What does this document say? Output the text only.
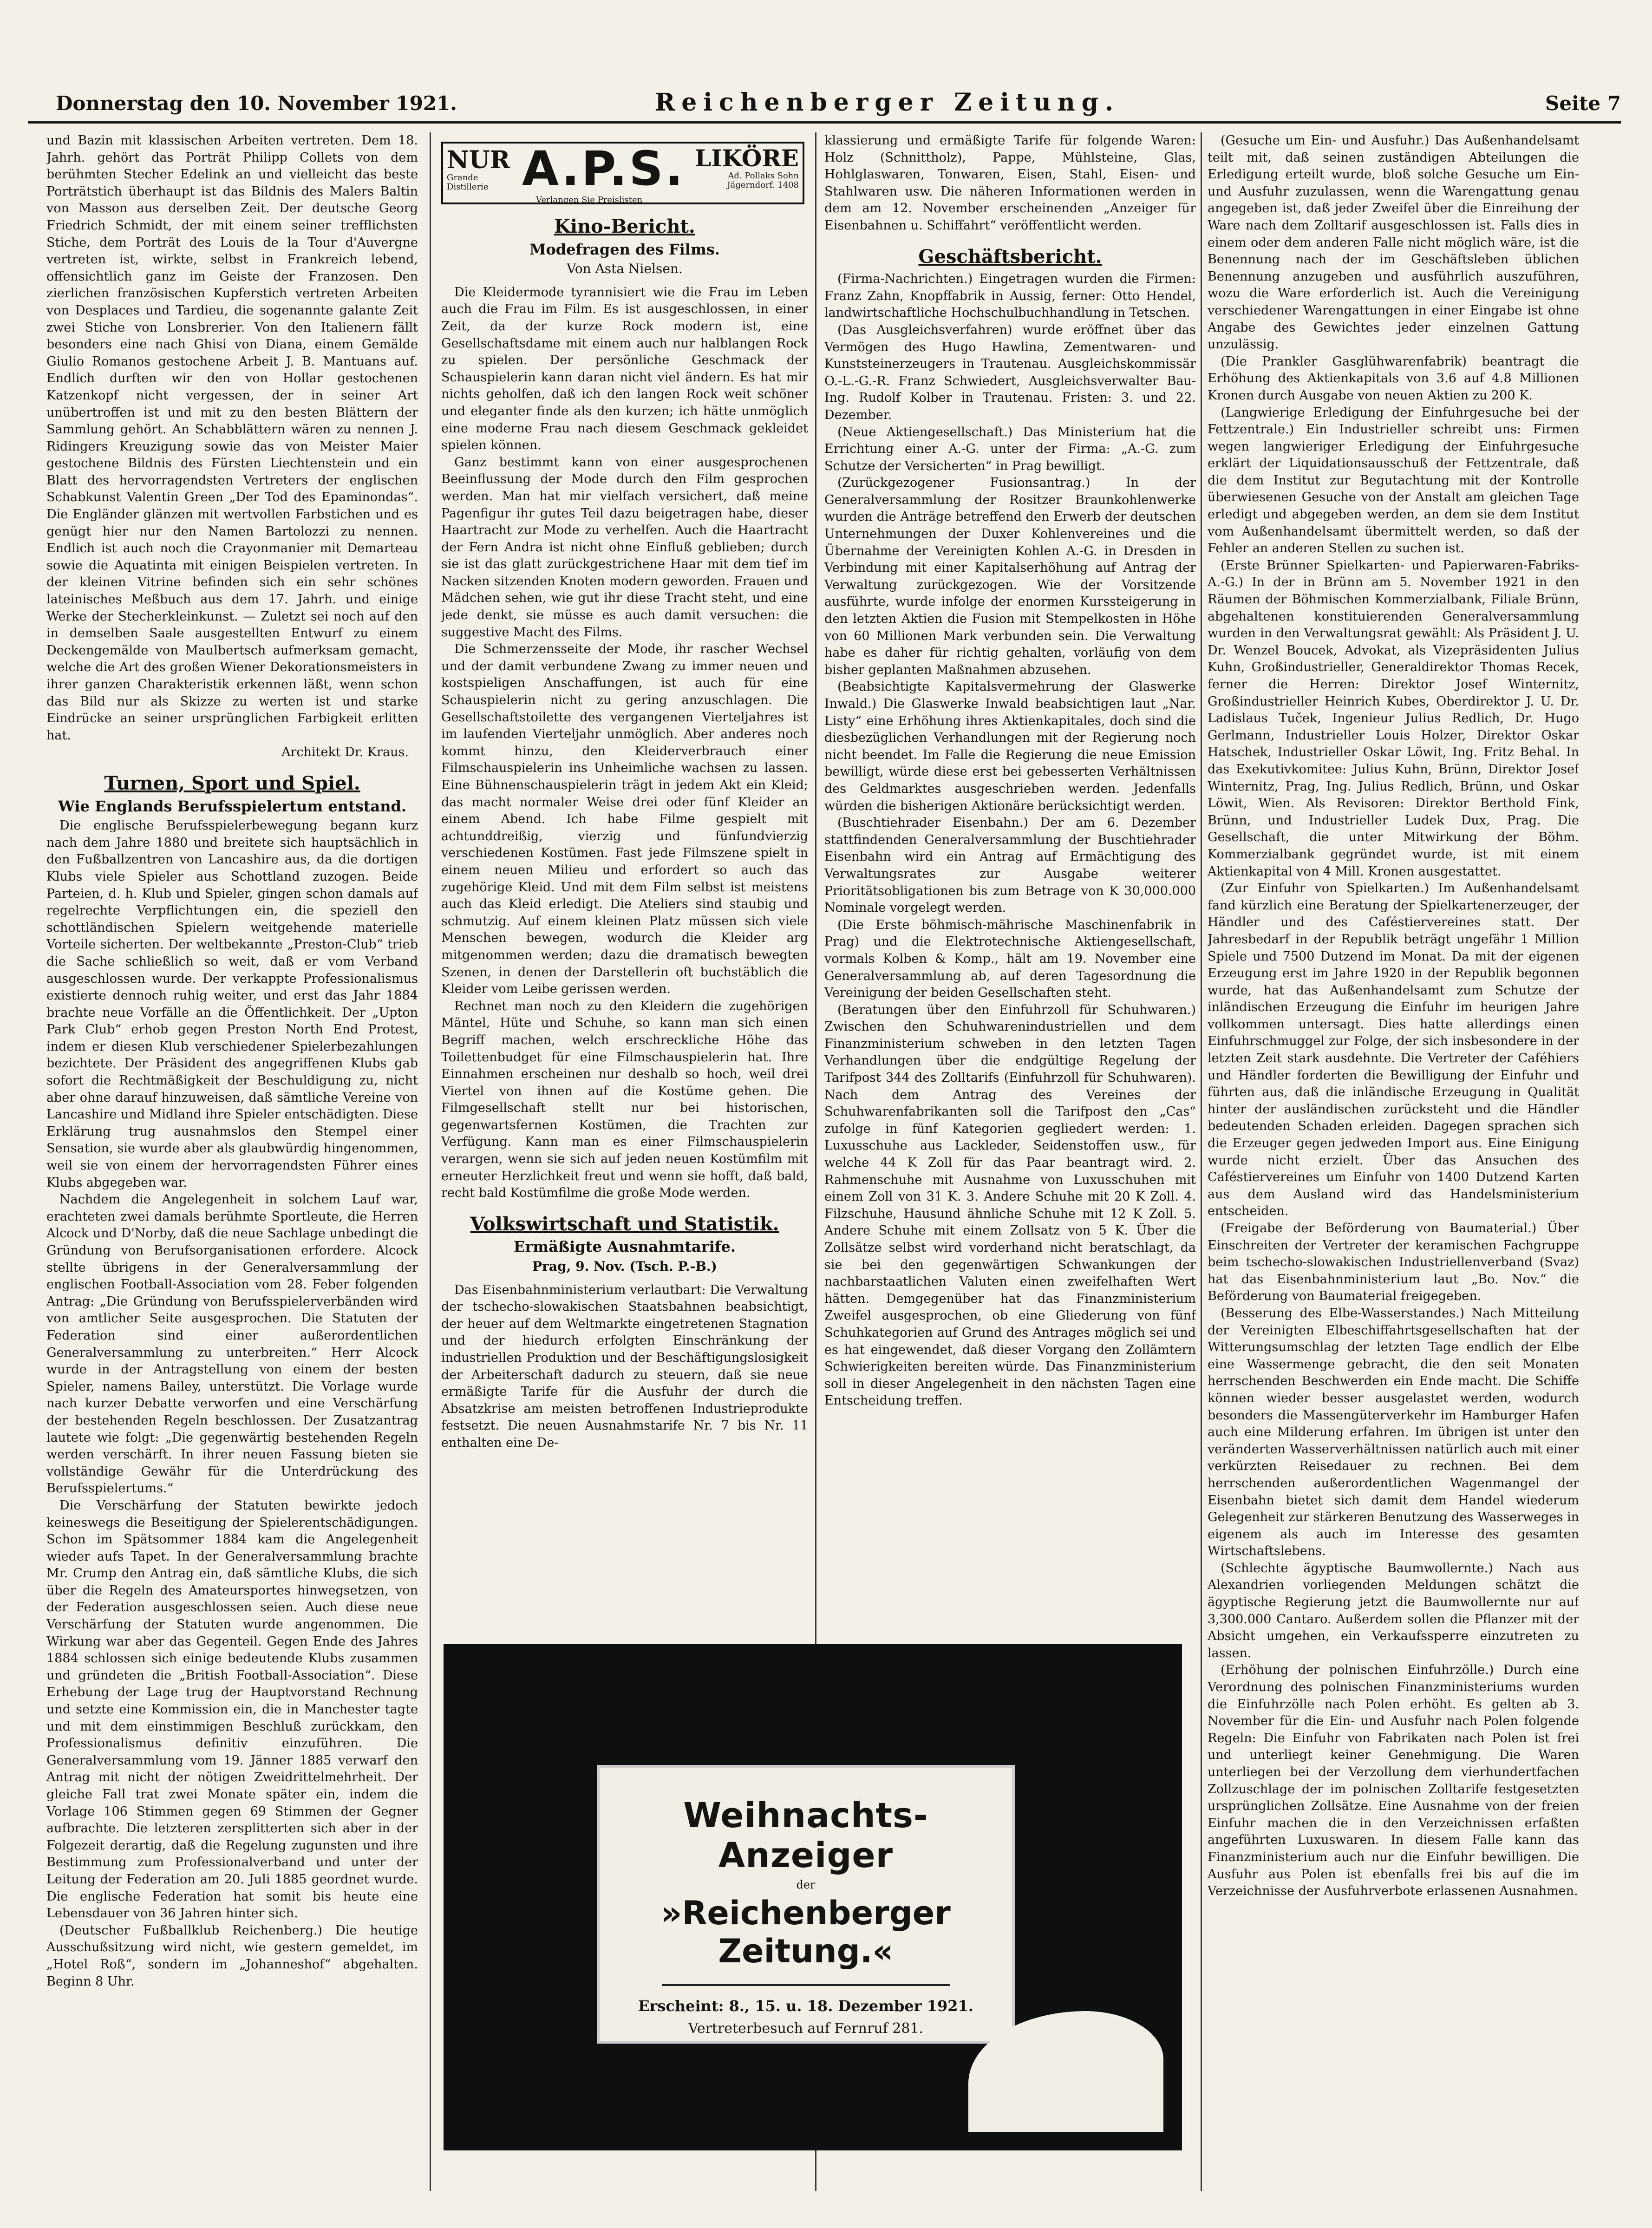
Donnerstag den 10. November 1921.	Reichenberger Zeitung.	Seite 7

und Bazin mit klassischen Arbeiten vertreten. Dem 18. Jahrh. gehört das Porträt Philipp Collets von dem berühmten Stecher Edelink an und vielleicht das beste Porträtstich überhaupt ist das Bildnis des Malers Baltin von Masson aus derselben Zeit. Der deutsche Georg Friedrich Schmidt, der mit einem seiner trefflichsten Stiche, dem Porträt des Louis de la Tour d'Auvergne vertreten ist, wirkte, selbst in Frankreich lebend, offensichtlich ganz im Geiste der Franzosen. Den zierlichen französischen Kupferstich vertreten Arbeiten von Desplaces und Tardieu, die sogenannte galante Zeit zwei Stiche von Lonsbrerier. Von den Italienern fällt besonders eine nach Ghisi von Diana, einem Gemälde Giulio Romanos gestochene Arbeit J. B. Mantuans auf. Endlich durften wir den von Hollar gestochenen Katzenkopf nicht vergessen, der in seiner Art unübertroffen ist und mit zu den besten Blättern der Sammlung gehört. An Schabblättern wären zu nennen J. Ridingers Kreuzigung sowie das von Meister Maier gestochene Bildnis des Fürsten Liechtenstein und ein Blatt des hervorragendsten Vertreters der englischen Schabkunst Valentin Green „Der Tod des Epaminondas“. Die Engländer glänzen mit wertvollen Farbstichen und es genügt hier nur den Namen Bartolozzi zu nennen. Endlich ist auch noch die Crayonmanier mit Demarteau sowie die Aquatinta mit einigen Beispielen vertreten. In der kleinen Vitrine befinden sich ein sehr schönes lateinisches Meßbuch aus dem 17. Jahrh. und einige Werke der Stecherkleinkunst. — Zuletzt sei noch auf den in demselben Saale ausgestellten Entwurf zu einem Deckengemälde von Maulbertsch aufmerksam gemacht, welche die Art des großen Wiener Dekorationsmeisters in ihrer ganzen Charakteristik erkennen läßt, wenn schon das Bild nur als Skizze zu werten ist und starke Eindrücke an seiner ursprünglichen Farbigkeit erlitten hat.

Architekt Dr. Kraus.
Turnen, Sport und Spiel.
Wie Englands Berufsspielertum entstand.

Die englische Berufsspielerbewegung begann kurz nach dem Jahre 1880 und breitete sich hauptsächlich in den Fußballzentren von Lancashire aus, da die dortigen Klubs viele Spieler aus Schottland zuzogen. Beide Parteien, d. h. Klub und Spieler, gingen schon damals auf regelrechte Verpflichtungen ein, die speziell den schottländischen Spielern weitgehende materielle Vorteile sicherten. Der weltbekannte „Preston-Club“ trieb die Sache schließlich so weit, daß er vom Verband ausgeschlossen wurde. Der verkappte Professionalismus existierte dennoch ruhig weiter, und erst das Jahr 1884 brachte neue Vorfälle an die Öffentlichkeit. Der „Upton Park Club“ erhob gegen Preston North End Protest, indem er diesen Klub verschiedener Spielerbezahlungen bezichtete. Der Präsident des angegriffenen Klubs gab sofort die Rechtmäßigkeit der Beschuldigung zu, nicht aber ohne darauf hinzuweisen, daß sämtliche Vereine von Lancashire und Midland ihre Spieler entschädigten. Diese Erklärung trug ausnahmslos den Stempel einer Sensation, sie wurde aber als glaubwürdig hingenommen, weil sie von einem der hervorragendsten Führer eines Klubs abgegeben war.

Nachdem die Angelegenheit in solchem Lauf war, erachteten zwei damals berühmte Sportleute, die Herren Alcock und D'Norby, daß die neue Sachlage unbedingt die Gründung von Berufsorganisationen erfordere. Alcock stellte übrigens in der Generalversammlung der englischen Football-Association vom 28. Feber folgenden Antrag: „Die Gründung von Berufsspielerverbänden wird von amtlicher Seite ausgesprochen. Die Statuten der Federation sind einer außerordentlichen Generalversammlung zu unterbreiten.“ Herr Alcock wurde in der Antragstellung von einem der besten Spieler, namens Bailey, unterstützt. Die Vorlage wurde nach kurzer Debatte verworfen und eine Verschärfung der bestehenden Regeln beschlossen. Der Zusatzantrag lautete wie folgt: „Die gegenwärtig bestehenden Regeln werden verschärft. In ihrer neuen Fassung bieten sie vollständige Gewähr für die Unterdrückung des Berufsspielertums.“

Die Verschärfung der Statuten bewirkte jedoch keineswegs die Beseitigung der Spielerentschädigungen. Schon im Spätsommer 1884 kam die Angelegenheit wieder aufs Tapet. In der Generalversammlung brachte Mr. Crump den Antrag ein, daß sämtliche Klubs, die sich über die Regeln des Amateursportes hinwegsetzen, von der Federation ausgeschlossen seien. Auch diese neue Verschärfung der Statuten wurde angenommen. Die Wirkung war aber das Gegenteil. Gegen Ende des Jahres 1884 schlossen sich einige bedeutende Klubs zusammen und gründeten die „British Football-Association“. Diese Erhebung der Lage trug der Hauptvorstand Rechnung und setzte eine Kommission ein, die in Manchester tagte und mit dem einstimmigen Beschluß zurückkam, den Professionalismus definitiv einzuführen. Die Generalversammlung vom 19. Jänner 1885 verwarf den Antrag mit nicht der nötigen Zweidrittelmehrheit. Der gleiche Fall trat zwei Monate später ein, indem die Vorlage 106 Stimmen gegen 69 Stimmen der Gegner aufbrachte. Die letzteren zersplitterten sich aber in der Folgezeit derartig, daß die Regelung zugunsten und ihre Bestimmung zum Professionalverband und unter der Leitung der Federation am 20. Juli 1885 geordnet wurde. Die englische Federation hat somit bis heute eine Lebensdauer von 36 Jahren hinter sich.

(Deutscher Fußballklub Reichenberg.) Die heutige Ausschußsitzung wird nicht, wie gestern gemeldet, im „Hotel Roß“, sondern im „Johanneshof“ abgehalten. Beginn 8 Uhr.

NUR
Grande Distillerie A.P.S.
Verlangen Sie Preislisten
LIKÖRE
Ad. Pollaks Sohn Jägerndorf. 1408
Kino-Bericht.
Modefragen des Films.
Von Asta Nielsen.

Die Kleidermode tyrannisiert wie die Frau im Leben auch die Frau im Film. Es ist ausgeschlossen, in einer Zeit, da der kurze Rock modern ist, eine Gesellschaftsdame mit einem auch nur halblangen Rock zu spielen. Der persönliche Geschmack der Schauspielerin kann daran nicht viel ändern. Es hat mir nichts geholfen, daß ich den langen Rock weit schöner und eleganter finde als den kurzen; ich hätte unmöglich eine moderne Frau nach diesem Geschmack gekleidet spielen können.

Ganz bestimmt kann von einer ausgesprochenen Beeinflussung der Mode durch den Film gesprochen werden. Man hat mir vielfach versichert, daß meine Pagenfigur ihr gutes Teil dazu beigetragen habe, dieser Haartracht zur Mode zu verhelfen. Auch die Haartracht der Fern Andra ist nicht ohne Einfluß geblieben; durch sie ist das glatt zurückgestrichene Haar mit dem tief im Nacken sitzenden Knoten modern geworden. Frauen und Mädchen sehen, wie gut ihr diese Tracht steht, und eine jede denkt, sie müsse es auch damit versuchen: die suggestive Macht des Films.

Die Schmerzensseite der Mode, ihr rascher Wechsel und der damit verbundene Zwang zu immer neuen und kostspieligen Anschaffungen, ist auch für eine Schauspielerin nicht zu gering anzuschlagen. Die Gesellschaftstoilette des vergangenen Vierteljahres ist im laufenden Vierteljahr unmöglich. Aber anderes noch kommt hinzu, den Kleiderverbrauch einer Filmschauspielerin ins Unheimliche wachsen zu lassen. Eine Bühnenschauspielerin trägt in jedem Akt ein Kleid; das macht normaler Weise drei oder fünf Kleider an einem Abend. Ich habe Filme gespielt mit achtunddreißig, vierzig und fünfundvierzig verschiedenen Kostümen. Fast jede Filmszene spielt in einem neuen Milieu und erfordert so auch das zugehörige Kleid. Und mit dem Film selbst ist meistens auch das Kleid erledigt. Die Ateliers sind staubig und schmutzig. Auf einem kleinen Platz müssen sich viele Menschen bewegen, wodurch die Kleider arg mitgenommen werden; dazu die dramatisch bewegten Szenen, in denen der Darstellerin oft buchstäblich die Kleider vom Leibe gerissen werden.

Rechnet man noch zu den Kleidern die zugehörigen Mäntel, Hüte und Schuhe, so kann man sich einen Begriff machen, welch erschreckliche Höhe das Toilettenbudget für eine Filmschauspielerin hat. Ihre Einnahmen erscheinen nur deshalb so hoch, weil drei Viertel von ihnen auf die Kostüme gehen. Die Filmgesellschaft stellt nur bei historischen, gegenwartsfernen Kostümen, die Trachten zur Verfügung. Kann man es einer Filmschauspielerin verargen, wenn sie sich auf jeden neuen Kostümfilm mit erneuter Herzlichkeit freut und wenn sie hofft, daß bald, recht bald Kostümfilme die große Mode werden.

Volkswirtschaft und Statistik.
Ermäßigte Ausnahmtarife.
Prag, 9. Nov. (Tsch. P.-B.)

Das Eisenbahnministerium verlautbart: Die Verwaltung der tschecho-slowakischen Staatsbahnen beabsichtigt, der heuer auf dem Weltmarkte eingetretenen Stagnation und der hiedurch erfolgten Einschränkung der industriellen Produktion und der Beschäftigungslosigkeit der Arbeiterschaft dadurch zu steuern, daß sie neue ermäßigte Tarife für die Ausfuhr der durch die Absatzkrise am meisten betroffenen Industrieprodukte festsetzt. Die neuen Ausnahmstarife Nr. 7 bis Nr. 11 enthalten eine De-

klassierung und ermäßigte Tarife für folgende Waren: Holz (Schnittholz), Pappe, Mühlsteine, Glas, Hohlglaswaren, Tonwaren, Eisen, Stahl, Eisen- und Stahlwaren usw. Die näheren Informationen werden in dem am 12. November erscheinenden „Anzeiger für Eisenbahnen u. Schiffahrt“ veröffentlicht werden.

Geschäftsbericht.

(Firma-Nachrichten.) Eingetragen wurden die Firmen: Franz Zahn, Knopffabrik in Aussig, ferner: Otto Hendel, landwirtschaftliche Hochschulbuchhandlung in Tetschen.

(Das Ausgleichsverfahren) wurde eröffnet über das Vermögen des Hugo Hawlina, Zementwaren- und Kunststeinerzeugers in Trautenau. Ausgleichskommissär O.-L.-G.-R. Franz Schwiedert, Ausgleichsverwalter Bau-Ing. Rudolf Kolber in Trautenau. Fristen: 3. und 22. Dezember.

(Neue Aktiengesellschaft.) Das Ministerium hat die Errichtung einer A.-G. unter der Firma: „A.-G. zum Schutze der Versicherten“ in Prag bewilligt.

(Zurückgezogener Fusionsantrag.) In der Generalversammlung der Rositzer Braunkohlenwerke wurden die Anträge betreffend den Erwerb der deutschen Unternehmungen der Duxer Kohlenvereines und die Übernahme der Vereinigten Kohlen A.-G. in Dresden in Verbindung mit einer Kapitalserhöhung auf Antrag der Verwaltung zurückgezogen. Wie der Vorsitzende ausführte, wurde infolge der enormen Kurssteigerung in den letzten Aktien die Fusion mit Stempelkosten in Höhe von 60 Millionen Mark verbunden sein. Die Verwaltung habe es daher für richtig gehalten, vorläufig von dem bisher geplanten Maßnahmen abzusehen.

(Beabsichtigte Kapitalsvermehrung der Glaswerke Inwald.) Die Glaswerke Inwald beabsichtigen laut „Nar. Listy“ eine Erhöhung ihres Aktienkapitales, doch sind die diesbezüglichen Verhandlungen mit der Regierung noch nicht beendet. Im Falle die Regierung die neue Emission bewilligt, würde diese erst bei gebesserten Verhältnissen des Geldmarktes ausgeschrieben werden. Jedenfalls würden die bisherigen Aktionäre berücksichtigt werden.

(Buschtiehrader Eisenbahn.) Der am 6. Dezember stattfindenden Generalversammlung der Buschtiehrader Eisenbahn wird ein Antrag auf Ermächtigung des Verwaltungsrates zur Ausgabe weiterer Prioritätsobligationen bis zum Betrage von K 30,000.000 Nominale vorgelegt werden.

(Die Erste böhmisch-mährische Maschinenfabrik in Prag) und die Elektrotechnische Aktiengesellschaft, vormals Kolben & Komp., hält am 19. November eine Generalversammlung ab, auf deren Tagesordnung die Vereinigung der beiden Gesellschaften steht.

(Beratungen über den Einfuhrzoll für Schuhwaren.) Zwischen den Schuhwarenindustriellen und dem Finanzministerium schweben in den letzten Tagen Verhandlungen über die endgültige Regelung der Tarifpost 344 des Zolltarifs (Einfuhrzoll für Schuhwaren). Nach dem Antrag des Vereines der Schuhwarenfabrikanten soll die Tarifpost den „Cas“ zufolge in fünf Kategorien gegliedert werden: 1. Luxusschuhe aus Lackleder, Seidenstoffen usw., für welche 44 K Zoll für das Paar beantragt wird. 2. Rahmenschuhe mit Ausnahme von Luxusschuhen mit einem Zoll von 31 K. 3. Andere Schuhe mit 20 K Zoll. 4. Filzschuhe, Hausund ähnliche Schuhe mit 12 K Zoll. 5. Andere Schuhe mit einem Zollsatz von 5 K. Über die Zollsätze selbst wird vorderhand nicht beratschlagt, da sie bei den gegenwärtigen Schwankungen der nachbarstaatlichen Valuten einen zweifelhaften Wert hätten. Demgegenüber hat das Finanzministerium Zweifel ausgesprochen, ob eine Gliederung von fünf Schuhkategorien auf Grund des Antrages möglich sei und es hat eingewendet, daß dieser Vorgang den Zollämtern Schwierigkeiten bereiten würde. Das Finanzministerium soll in dieser Angelegenheit in den nächsten Tagen eine Entscheidung treffen.

(Gesuche um Ein- und Ausfuhr.) Das Außenhandelsamt teilt mit, daß seinen zuständigen Abteilungen die Erledigung erteilt wurde, bloß solche Gesuche um Ein- und Ausfuhr zuzulassen, wenn die Warengattung genau angegeben ist, daß jeder Zweifel über die Einreihung der Ware nach dem Zolltarif ausgeschlossen ist. Falls dies in einem oder dem anderen Falle nicht möglich wäre, ist die Benennung nach der im Geschäftsleben üblichen Benennung anzugeben und ausführlich auszuführen, wozu die Ware erforderlich ist. Auch die Vereinigung verschiedener Warengattungen in einer Eingabe ist ohne Angabe des Gewichtes jeder einzelnen Gattung unzulässig.

(Die Prankler Gasglühwarenfabrik) beantragt die Erhöhung des Aktienkapitals von 3.6 auf 4.8 Millionen Kronen durch Ausgabe von neuen Aktien zu 200 K.

(Langwierige Erledigung der Einfuhrgesuche bei der Fettzentrale.) Ein Industrieller schreibt uns: Firmen wegen langwieriger Erledigung der Einfuhrgesuche erklärt der Liquidationsausschuß der Fettzentrale, daß die dem Institut zur Begutachtung mit der Kontrolle überwiesenen Gesuche von der Anstalt am gleichen Tage erledigt und abgegeben werden, an dem sie dem Institut vom Außenhandelsamt übermittelt werden, so daß der Fehler an anderen Stellen zu suchen ist.

(Erste Brünner Spielkarten- und Papierwaren-Fabriks-A.-G.) In der in Brünn am 5. November 1921 in den Räumen der Böhmischen Kommerzialbank, Filiale Brünn, abgehaltenen konstituierenden Generalversammlung wurden in den Verwaltungsrat gewählt: Als Präsident J. U. Dr. Wenzel Boucek, Advokat, als Vizepräsidenten Julius Kuhn, Großindustrieller, Generaldirektor Thomas Recek, ferner die Herren: Direktor Josef Winternitz, Großindustrieller Heinrich Kubes, Oberdirektor J. U. Dr. Ladislaus Tuček, Ingenieur Julius Redlich, Dr. Hugo Gerlmann, Industrieller Louis Holzer, Direktor Oskar Hatschek, Industrieller Oskar Löwit, Ing. Fritz Behal. In das Exekutivkomitee: Julius Kuhn, Brünn, Direktor Josef Winternitz, Prag, Ing. Julius Redlich, Brünn, und Oskar Löwit, Wien. Als Revisoren: Direktor Berthold Fink, Brünn, und Industrieller Ludek Dux, Prag. Die Gesellschaft, die unter Mitwirkung der Böhm. Kommerzialbank gegründet wurde, ist mit einem Aktienkapital von 4 Mill. Kronen ausgestattet.

(Zur Einfuhr von Spielkarten.) Im Außenhandelsamt fand kürzlich eine Beratung der Spielkartenerzeuger, der Händler und des Caféstiervereines statt. Der Jahresbedarf in der Republik beträgt ungefähr 1 Million Spiele und 7500 Dutzend im Monat. Da mit der eigenen Erzeugung erst im Jahre 1920 in der Republik begonnen wurde, hat das Außenhandelsamt zum Schutze der inländischen Erzeugung die Einfuhr im heurigen Jahre vollkommen untersagt. Dies hatte allerdings einen Einfuhrschmuggel zur Folge, der sich insbesondere in der letzten Zeit stark ausdehnte. Die Vertreter der Caféhiers und Händler forderten die Bewilligung der Einfuhr und führten aus, daß die inländische Erzeugung in Qualität hinter der ausländischen zurücksteht und die Händler bedeutenden Schaden erleiden. Dagegen sprachen sich die Erzeuger gegen jedweden Import aus. Eine Einigung wurde nicht erzielt. Über das Ansuchen des Caféstiervereines um Einfuhr von 1400 Dutzend Karten aus dem Ausland wird das Handelsministerium entscheiden.

(Freigabe der Beförderung von Baumaterial.) Über Einschreiten der Vertreter der keramischen Fachgruppe beim tschecho-slowakischen Industriellenverband (Svaz) hat das Eisenbahnministerium laut „Bo. Nov.“ die Beförderung von Baumaterial freigegeben.

(Besserung des Elbe-Wasserstandes.) Nach Mitteilung der Vereinigten Elbeschiffahrtsgesellschaften hat der Witterungsumschlag der letzten Tage endlich der Elbe eine Wassermenge gebracht, die den seit Monaten herrschenden Beschwerden ein Ende macht. Die Schiffe können wieder besser ausgelastet werden, wodurch besonders die Massengüterverkehr im Hamburger Hafen auch eine Milderung erfahren. Im übrigen ist unter den veränderten Wasserverhältnissen natürlich auch mit einer verkürzten Reisedauer zu rechnen. Bei dem herrschenden außerordentlichen Wagenmangel der Eisenbahn bietet sich damit dem Handel wiederum Gelegenheit zur stärkeren Benutzung des Wasserweges in eigenem als auch im Interesse des gesamten Wirtschaftslebens.

(Schlechte ägyptische Baumwollernte.) Nach aus Alexandrien vorliegenden Meldungen schätzt die ägyptische Regierung jetzt die Baumwollernte nur auf 3,300.000 Cantaro. Außerdem sollen die Pflanzer mit der Absicht umgehen, ein Verkaufssperre einzutreten zu lassen.

(Erhöhung der polnischen Einfuhrzölle.) Durch eine Verordnung des polnischen Finanzministeriums wurden die Einfuhrzölle nach Polen erhöht. Es gelten ab 3. November für die Ein- und Ausfuhr nach Polen folgende Regeln: Die Einfuhr von Fabrikaten nach Polen ist frei und unterliegt keiner Genehmigung. Die Waren unterliegen bei der Verzollung dem vierhundertfachen Zollzuschlage der im polnischen Zolltarife festgesetzten ursprünglichen Zollsätze. Eine Ausnahme von der freien Einfuhr machen die in den Verzeichnissen erfaßten angeführten Luxuswaren. In diesem Falle kann das Finanzministerium auch nur die Einfuhr bewilligen. Die Ausfuhr aus Polen ist ebenfalls frei bis auf die im Verzeichnisse der Ausfuhrverbote erlassenen Ausnahmen.

Weihnachts-Anzeiger
der
»Reichenberger Zeitung.«
Erscheint: 8., 15. u. 18. Dezember 1921.
Vertreterbesuch auf Fernruf 281.
